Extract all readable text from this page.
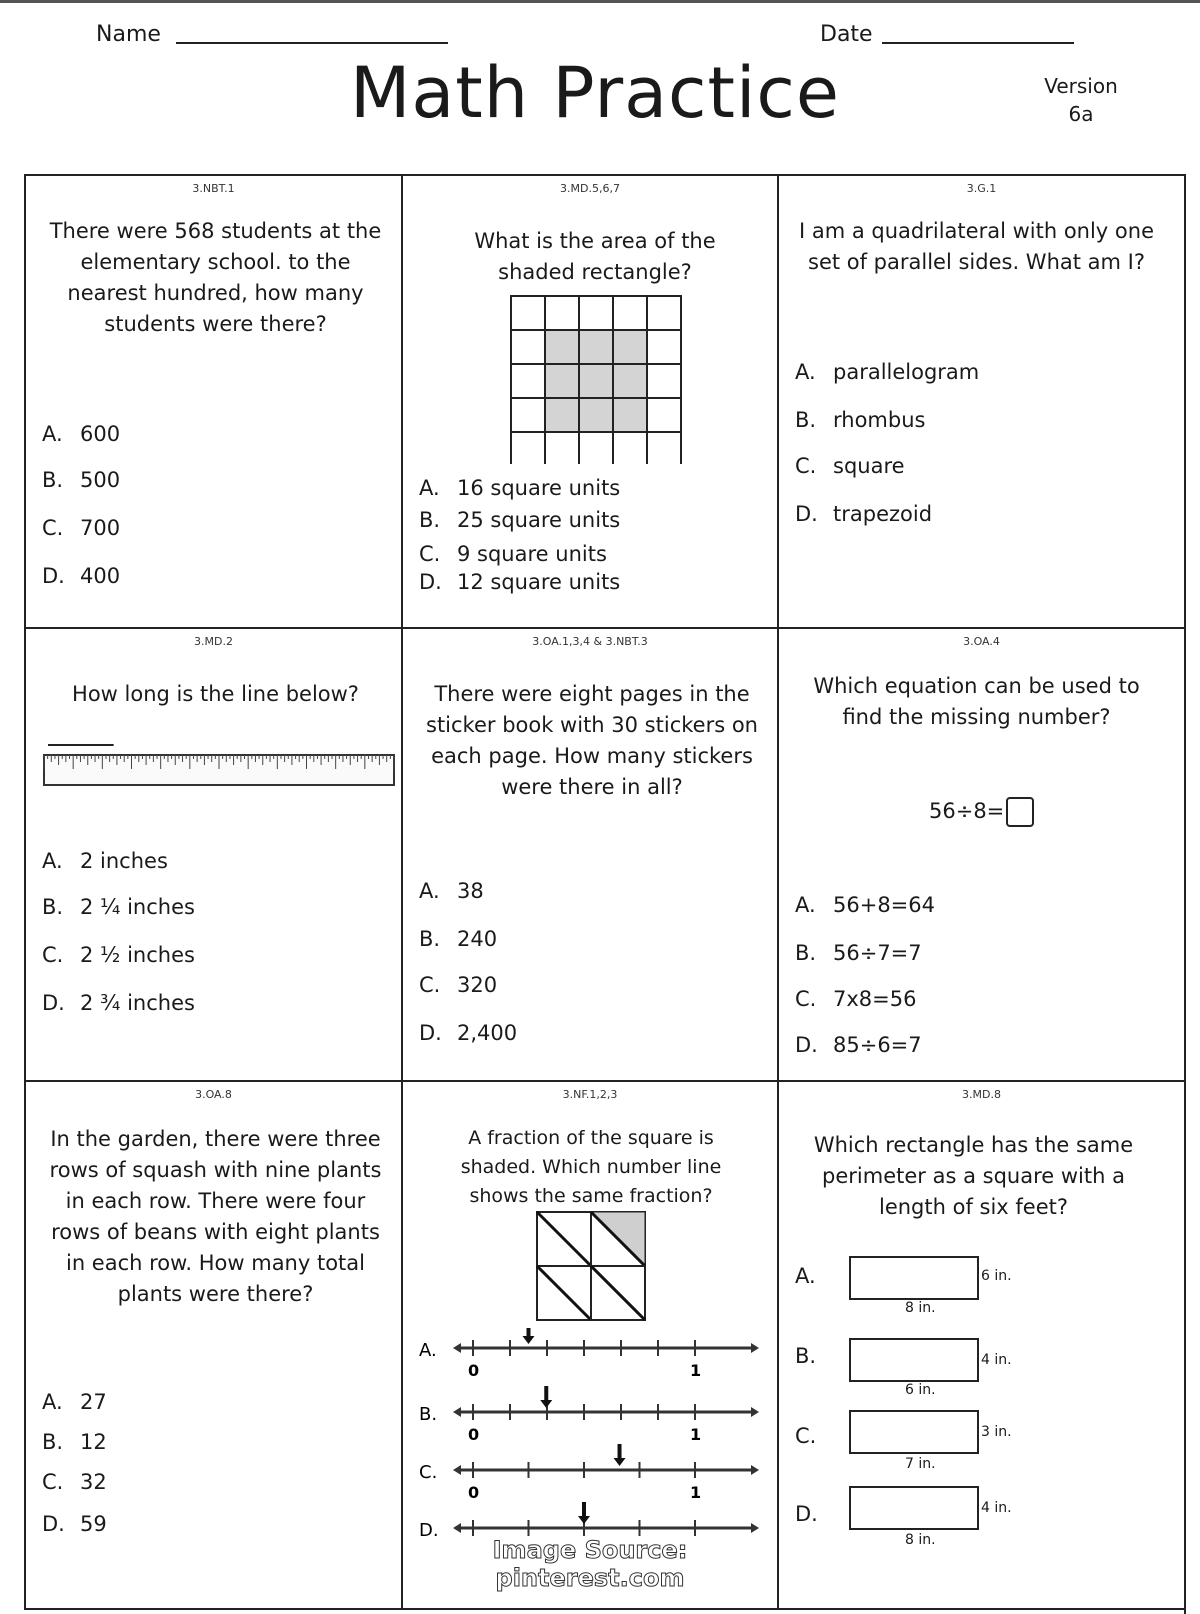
Name	Date
Math Practice	Version
6a
3.NBT.1
There were 568 students at the elementary school. to the nearest hundred, how many students were there?
A. 600
B. 500
C. 700
D. 400
3.MD.5,6,7
What is the area of the shaded rectangle?
A. 16 square units
B. 25 square units
C. 9 square units
D. 12 square units
3.G.1
I am a quadrilateral with only one set of parallel sides. What am I?
A. parallelogram
B. rhombus
C. square
D. trapezoid
3.MD.2
How long is the line below?
A. 2 inches
B. 2 ¼ inches
C. 2 ½ inches
D. 2 ¾ inches
3.OA.1,3,4 & 3.NBT.3
There were eight pages in the sticker book with 30 stickers on each page. How many stickers were there in all?
A. 38
B. 240
C. 320
D. 2,400
3.OA.4
Which equation can be used to find the missing number?
56÷8=
A. 56+8=64
B. 56÷7=7
C. 7x8=56
D. 85÷6=7
3.OA.8
In the garden, there were three rows of squash with nine plants in each row. There were four rows of beans with eight plants in each row. How many total plants were there?
A. 27
B. 12
C. 32
D. 59
3.NF.1,2,3
A fraction of the square is shaded. Which number line shows the same fraction?
A.
0	1
B.
0	1
C.
0	1
D.
3.MD.8
Which rectangle has the same perimeter as a square with a length of six feet?
A.	6 in.
8 in.
B.	4 in.
6 in.
C.	3 in.
7 in.
D.	4 in.
8 in.
Image Source: pinterest.com
